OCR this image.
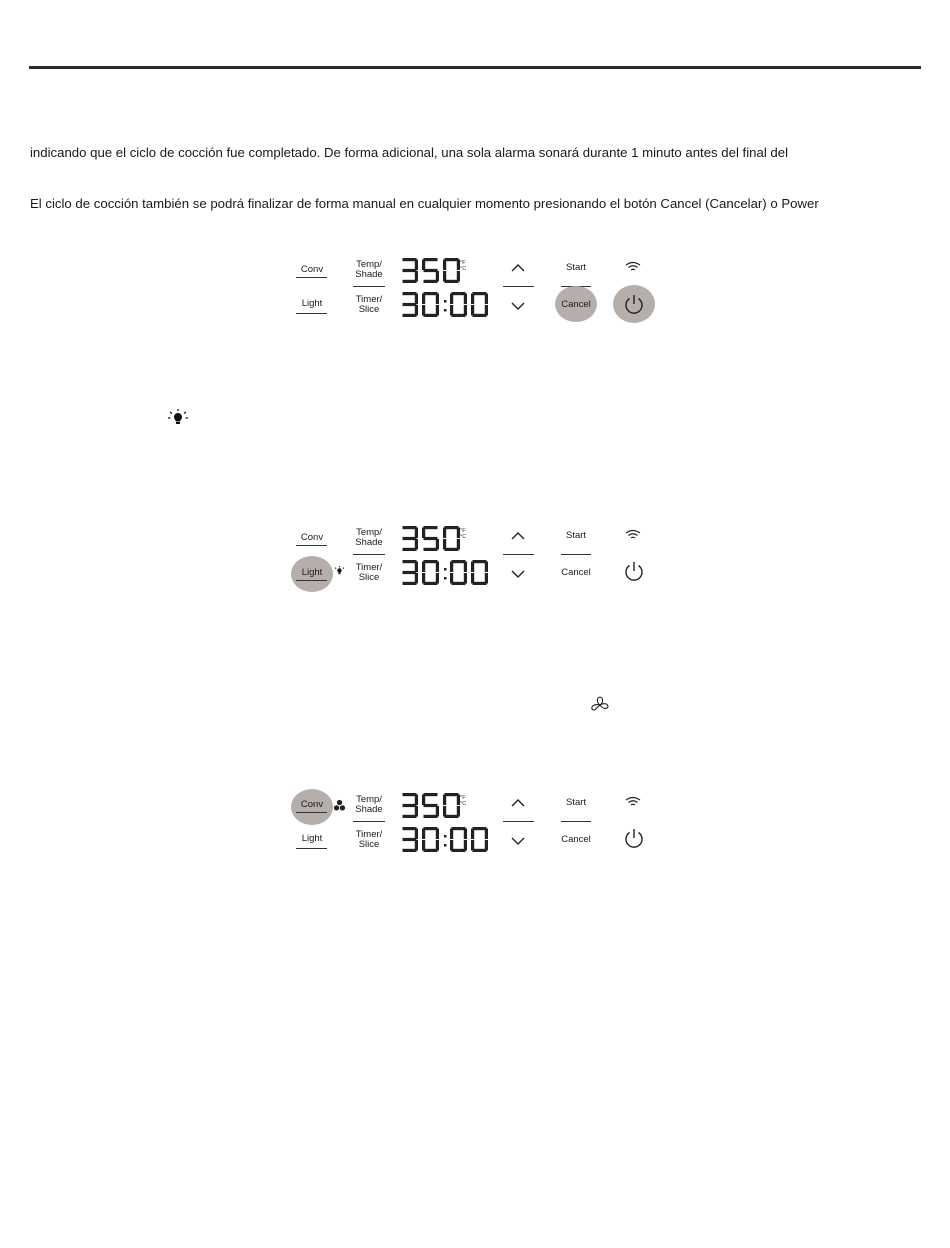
indicando que el ciclo de cocción fue completado. De forma adicional, una sola alarma sonará durante 1 minuto antes del final del
El ciclo de cocción también se podrá finalizar de forma manual en cualquier momento presionando el botón Cancel (Cancelar) o Power
Conv
Light
Temp/
Shade
Timer/
Slice
°F
°C	Start
Cancel
Conv
Light
Temp/
Shade
Timer/
Slice
°F
°C	Start
Cancel
Conv
Light
Temp/
Shade
Timer/
Slice
°F
°C	Start
Cancel
